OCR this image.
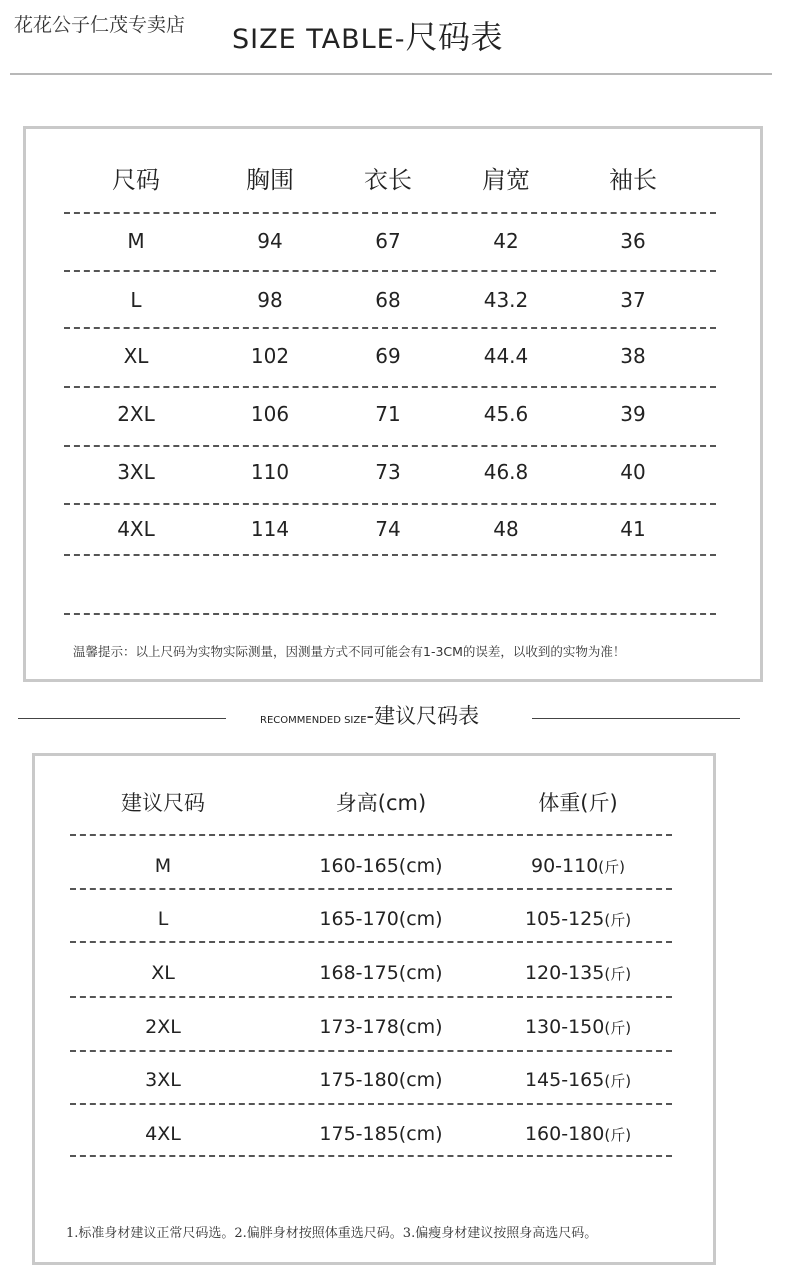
花花公子仁茂专卖店 SIZE TABLE-尺码表
温馨提示：以上尺码为实物实际测量，因测量方式不同可能会有1-3CM的误差，以收到的实物为准！
RECOMMENDED SIZE-建议尺码表
1.标准身材建议正常尺码选。2.偏胖身材按照体重选尺码。3.偏瘦身材建议按照身高选尺码。
尺码	胸围	衣长	肩宽	袖长
M	94	67	42	36
L	98	68	43.2	37
XL	102	69	44.4	38
2XL	106	71	45.6	39
3XL	110	73	46.8	40
4XL	114	74	48	41
建议尺码	身高(cm)	体重(斤)
M	160-165(cm)	90-110(斤)
L	165-170(cm)	105-125(斤)
XL	168-175(cm)	120-135(斤)
2XL	173-178(cm)	130-150(斤)
3XL	175-180(cm)	145-165(斤)
4XL	175-185(cm)	160-180(斤)
